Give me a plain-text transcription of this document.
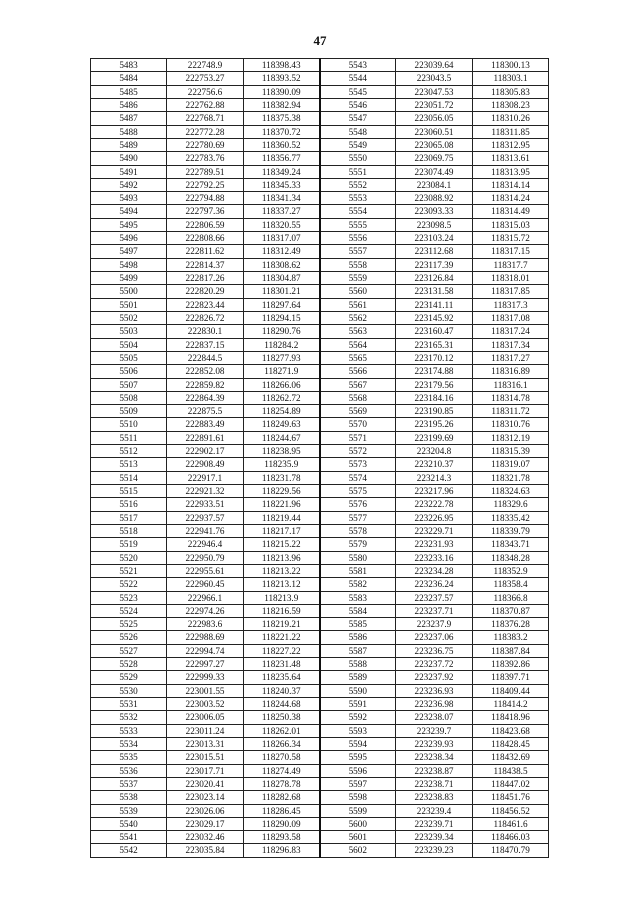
47
5483	222748.9	118398.43	5543	223039.64	118300.13
5484	222753.27	118393.52	5544	223043.5	118303.1
5485	222756.6	118390.09	5545	223047.53	118305.83
5486	222762.88	118382.94	5546	223051.72	118308.23
5487	222768.71	118375.38	5547	223056.05	118310.26
5488	222772.28	118370.72	5548	223060.51	118311.85
5489	222780.69	118360.52	5549	223065.08	118312.95
5490	222783.76	118356.77	5550	223069.75	118313.61
5491	222789.51	118349.24	5551	223074.49	118313.95
5492	222792.25	118345.33	5552	223084.1	118314.14
5493	222794.88	118341.34	5553	223088.92	118314.24
5494	222797.36	118337.27	5554	223093.33	118314.49
5495	222806.59	118320.55	5555	223098.5	118315.03
5496	222808.66	118317.07	5556	223103.24	118315.72
5497	222811.62	118312.49	5557	223112.68	118317.15
5498	222814.37	118308.62	5558	223117.39	118317.7
5499	222817.26	118304.87	5559	223126.84	118318.01
5500	222820.29	118301.21	5560	223131.58	118317.85
5501	222823.44	118297.64	5561	223141.11	118317.3
5502	222826.72	118294.15	5562	223145.92	118317.08
5503	222830.1	118290.76	5563	223160.47	118317.24
5504	222837.15	118284.2	5564	223165.31	118317.34
5505	222844.5	118277.93	5565	223170.12	118317.27
5506	222852.08	118271.9	5566	223174.88	118316.89
5507	222859.82	118266.06	5567	223179.56	118316.1
5508	222864.39	118262.72	5568	223184.16	118314.78
5509	222875.5	118254.89	5569	223190.85	118311.72
5510	222883.49	118249.63	5570	223195.26	118310.76
5511	222891.61	118244.67	5571	223199.69	118312.19
5512	222902.17	118238.95	5572	223204.8	118315.39
5513	222908.49	118235.9	5573	223210.37	118319.07
5514	222917.1	118231.78	5574	223214.3	118321.78
5515	222921.32	118229.56	5575	223217.96	118324.63
5516	222933.51	118221.96	5576	223222.78	118329.6
5517	222937.57	118219.44	5577	223226.95	118335.42
5518	222941.76	118217.17	5578	223229.71	118339.79
5519	222946.4	118215.22	5579	223231.93	118343.71
5520	222950.79	118213.96	5580	223233.16	118348.28
5521	222955.61	118213.22	5581	223234.28	118352.9
5522	222960.45	118213.12	5582	223236.24	118358.4
5523	222966.1	118213.9	5583	223237.57	118366.8
5524	222974.26	118216.59	5584	223237.71	118370.87
5525	222983.6	118219.21	5585	223237.9	118376.28
5526	222988.69	118221.22	5586	223237.06	118383.2
5527	222994.74	118227.22	5587	223236.75	118387.84
5528	222997.27	118231.48	5588	223237.72	118392.86
5529	222999.33	118235.64	5589	223237.92	118397.71
5530	223001.55	118240.37	5590	223236.93	118409.44
5531	223003.52	118244.68	5591	223236.98	118414.2
5532	223006.05	118250.38	5592	223238.07	118418.96
5533	223011.24	118262.01	5593	223239.7	118423.68
5534	223013.31	118266.34	5594	223239.93	118428.45
5535	223015.51	118270.58	5595	223238.34	118432.69
5536	223017.71	118274.49	5596	223238.87	118438.5
5537	223020.41	118278.78	5597	223238.71	118447.02
5538	223023.14	118282.68	5598	223238.83	118451.76
5539	223026.06	118286.45	5599	223239.4	118456.52
5540	223029.17	118290.09	5600	223239.71	118461.6
5541	223032.46	118293.58	5601	223239.34	118466.03
5542	223035.84	118296.83	5602	223239.23	118470.79
